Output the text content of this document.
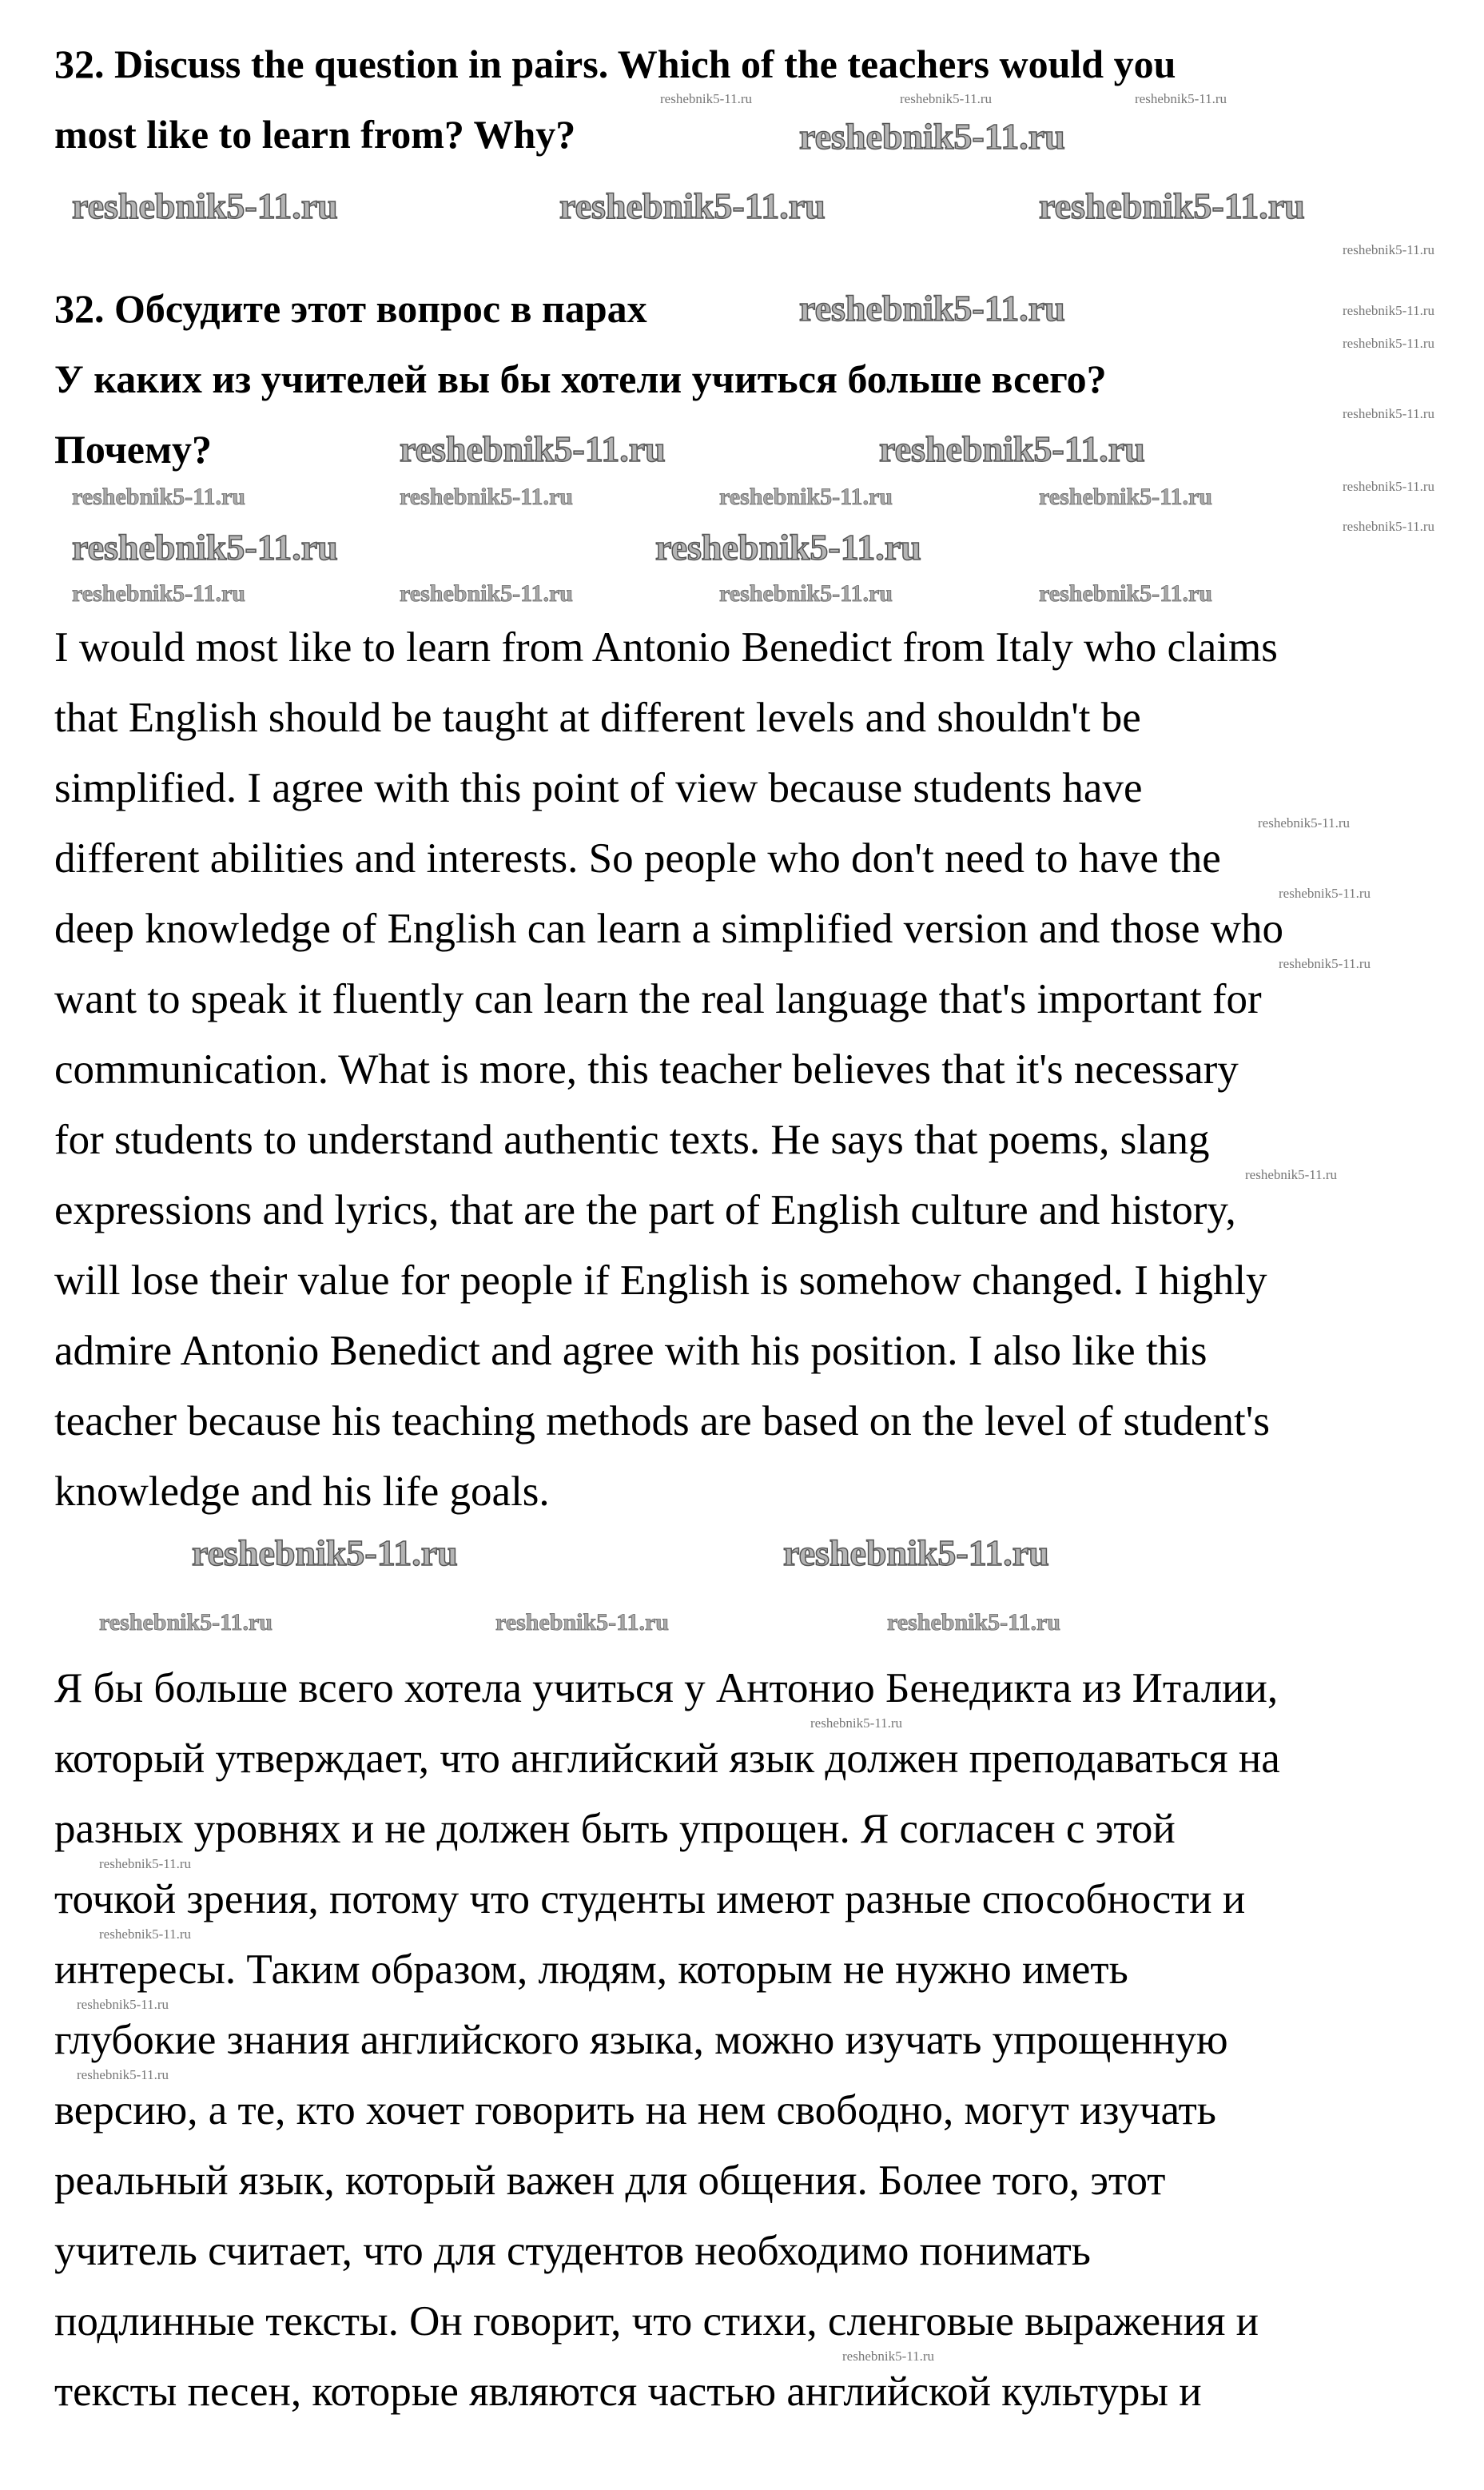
32. Discuss the question in pairs. Which of the teachers would you
most like to learn from? Why?
32. Обсудите этот вопрос в парах
У каких из учителей вы бы хотели учиться больше всего?
Почему?
I would most like to learn from Antonio Benedict from Italy who claims
that English should be taught at different levels and shouldn't be
simplified. I agree with this point of view because students have
different abilities and interests. So people who don't need to have the
deep knowledge of English can learn a simplified version and those who
want to speak it fluently can learn the real language that's important for
communication. What is more, this teacher believes that it's necessary
for students to understand authentic texts. He says that poems, slang
expressions and lyrics, that are the part of English culture and history,
will lose their value for people if English is somehow changed. I highly
admire Antonio Benedict and agree with his position. I also like this
teacher because his teaching methods are based on the level of student's
knowledge and his life goals.
Я бы больше всего хотела учиться у Антонио Бенедикта из Италии,
который утверждает, что английский язык должен преподаваться на
разных уровнях и не должен быть упрощен. Я согласен с этой
точкой зрения, потому что студенты имеют разные способности и
интересы. Таким образом, людям, которым не нужно иметь
глубокие знания английского языка, можно изучать упрощенную
версию, а те, кто хочет говорить на нем свободно, могут изучать
реальный язык, который важен для общения. Более того, этот
учитель считает, что для студентов необходимо понимать
подлинные тексты. Он говорит, что стихи, сленговые выражения и
тексты песен, которые являются частью английской культуры и
reshebnik5-11.ru	reshebnik5-11.ru	reshebnik5-11.ru
reshebnik5-11.ru
reshebnik5-11.ru
reshebnik5-11.ru	reshebnik5-11.ru
reshebnik5-11.ru	reshebnik5-11.ru
reshebnik5-11.ru	reshebnik5-11.ru
reshebnik5-11.ru	reshebnik5-11.ru	reshebnik5-11.ru	reshebnik5-11.ru
reshebnik5-11.ru	reshebnik5-11.ru	reshebnik5-11.ru	reshebnik5-11.ru
reshebnik5-11.ru	reshebnik5-11.ru	reshebnik5-11.ru
reshebnik5-11.ru	reshebnik5-11.ru	reshebnik5-11.ru
reshebnik5-11.ru
reshebnik5-11.ru
reshebnik5-11.ru
reshebnik5-11.ru
reshebnik5-11.ru
reshebnik5-11.ru
reshebnik5-11.ru
reshebnik5-11.ru
reshebnik5-11.ru
reshebnik5-11.ru
reshebnik5-11.ru
reshebnik5-11.ru
reshebnik5-11.ru
reshebnik5-11.ru
reshebnik5-11.ru
reshebnik5-11.ru
